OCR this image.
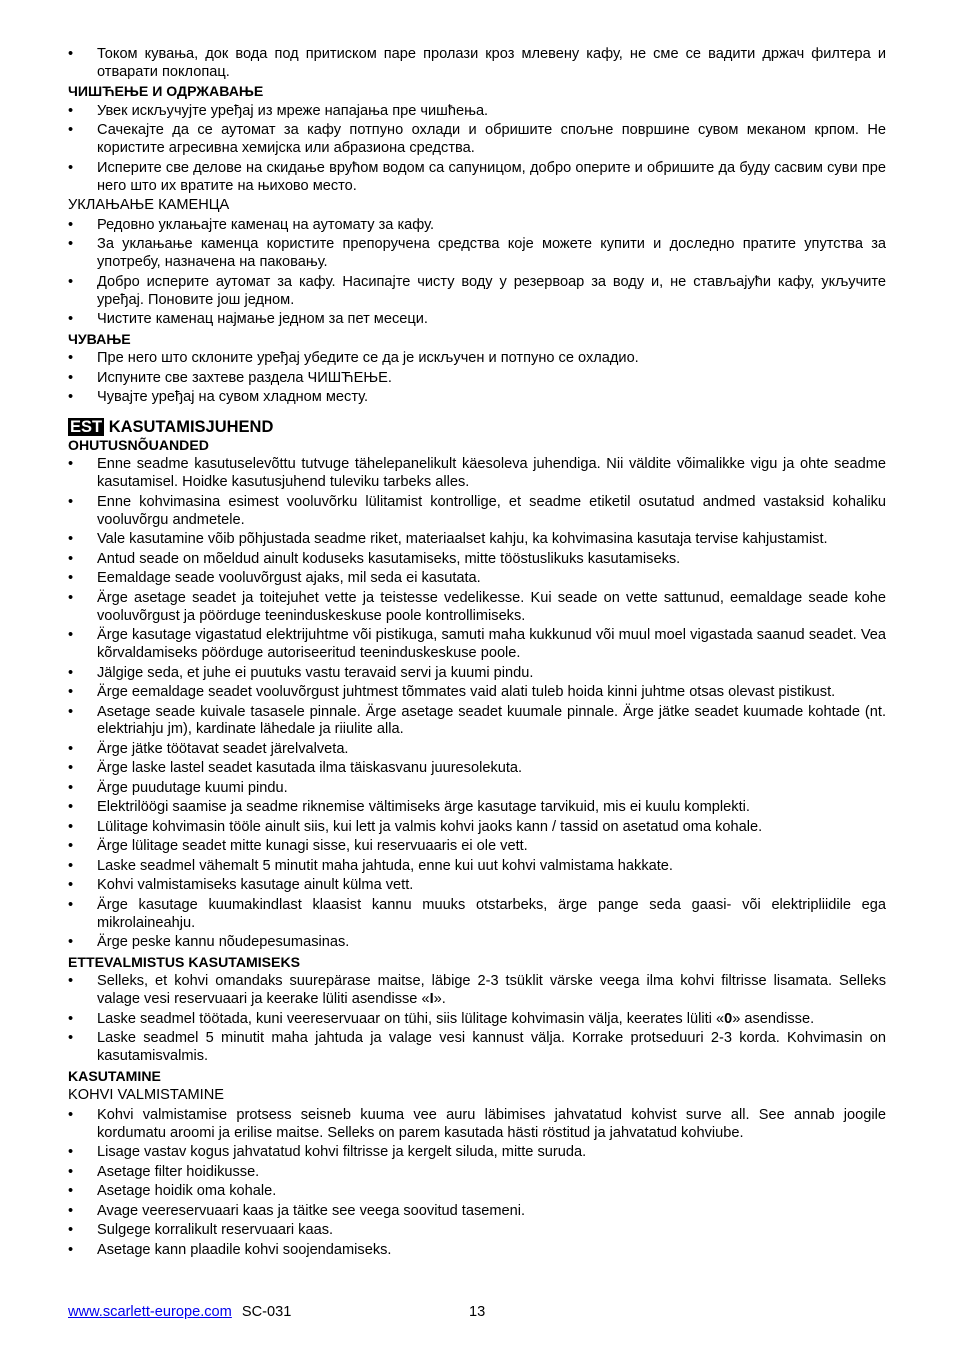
• Током кувања, док вода под притиском паре пролази кроз млевену кафу, не сме се вадити држач филтера и отварати поклопац.
ЧИШЋЕЊЕ И ОДРЖАВАЊЕ
• Увек искључујте уређај из мреже напајања пре чишћења.
• Сачекајте да се аутомат за кафу потпуно охлади и обришите спољне површине сувом меканом крпом. Не користите агресивна хемијска или абразиона средства.
• Исперите све делове на скидање врућом водом са сапуницом, добро оперите и обришите да буду сасвим суви пре него што их вратите на њихово место.
УКЛАЊАЊЕ КАМЕНЦА
• Редовно уклањајте каменац на аутомату за кафу.
• За уклањање каменца користите препоручена средства које можете купити и доследно пратите упутства за употребу, назначена на паковању.
• Добро исперите аутомат за кафу. Насипајте чисту воду у резервоар за воду и, не стављајући кафу, укључите уређај. Поновите још једном.
• Чистите каменац најмање једном за пет месеци.
ЧУВАЊЕ
• Пре него што склоните уређај убедите се да је искључен и потпуно се охладио.
• Испуните све захтеве раздела ЧИШЋЕЊЕ.
• Чувајте уређај на сувом хладном месту.
EST KASUTAMISJUHEND
OHUTUSNÕUANDED
• Enne seadme kasutuselevõttu tutvuge tähelepanelikult käesoleva juhendiga. Nii väldite võimalikke vigu ja ohte seadme kasutamisel. Hoidke kasutusjuhend tuleviku tarbeks alles.
• Enne kohvimasina esimest vooluvõrku lülitamist kontrollige, et seadme etiketil osutatud andmed vastaksid kohaliku vooluvõrgu andmetele.
• Vale kasutamine võib põhjustada seadme riket, materiaalset kahju, ka kohvimasina kasutaja tervise kahjustamist.
• Antud seade on mõeldud ainult koduseks kasutamiseks, mitte tööstuslikuks kasutamiseks.
• Eemaldage seade vooluvõrgust ajaks, mil seda ei kasutata.
• Ärge asetage seadet ja toitejuhet vette ja teistesse vedelikesse. Kui seade on vette sattunud, eemaldage seade kohe vooluvõrgust ja pöörduge teeninduskeskuse poole kontrollimiseks.
• Ärge kasutage vigastatud elektrijuhtme või pistikuga, samuti maha kukkunud või muul moel vigastada saanud seadet. Vea kõrvaldamiseks pöörduge autoriseeritud teeninduskeskuse poole.
• Jälgige seda, et juhe ei puutuks vastu teravaid servi ja kuumi pindu.
• Ärge eemaldage seadet vooluvõrgust juhtmest tõmmates vaid alati tuleb hoida kinni juhtme otsas olevast pistikust.
• Asetage seade kuivale tasasele pinnale. Ärge asetage seadet kuumale pinnale. Ärge jätke seadet kuumade kohtade (nt. elektriahju jm), kardinate lähedale ja riiulite alla.
• Ärge jätke töötavat seadet järelvalveta.
• Ärge laske lastel seadet kasutada ilma täiskasvanu juuresolekuta.
• Ärge puudutage kuumi pindu.
• Elektrilöögi saamise ja seadme riknemise vältimiseks ärge kasutage tarvikuid, mis ei kuulu komplekti.
• Lülitage kohvimasin tööle ainult siis, kui lett ja valmis kohvi jaoks kann / tassid on asetatud oma kohale.
• Ärge lülitage seadet mitte kunagi sisse, kui reservuaaris ei ole vett.
• Laske seadmel vähemalt 5 minutit maha jahtuda, enne kui uut kohvi valmistama hakkate.
• Kohvi valmistamiseks kasutage ainult külma vett.
• Ärge kasutage kuumakindlast klaasist kannu muuks otstarbeks, ärge pange seda gaasi- või elektripliidile ega mikrolaineahju.
• Ärge peske kannu nõudepesumasinas.
ETTEVALMISTUS KASUTAMISEKS
• Selleks, et kohvi omandaks suurepärase maitse, läbige 2-3 tsüklit värske veega ilma kohvi filtrisse lisamata. Selleks valage vesi reservuaari ja keerake lüliti asendisse «I».
• Laske seadmel töötada, kuni veereservuaar on tühi, siis lülitage kohvimasin välja, keerates lüliti «0» asendisse.
• Laske seadmel 5 minutit maha jahtuda ja valage vesi kannust välja. Korrake protseduuri 2-3 korda. Kohvimasin on kasutamisvalmis.
KASUTAMINE
KOHVI VALMISTAMINE
• Kohvi valmistamise protsess seisneb kuuma vee auru läbimises jahvatatud kohvist surve all. See annab joogile kordumatu aroomi ja erilise maitse. Selleks on parem kasutada hästi röstitud ja jahvatatud kohviube.
• Lisage vastav kogus jahvatatud kohvi filtrisse ja kergelt siluda, mitte suruda.
• Asetage filter hoidikusse.
• Asetage hoidik oma kohale.
• Avage veereservuaari kaas ja täitke see veega soovitud tasemeni.
• Sulgege korralikult reservuaari kaas.
• Asetage kann plaadile kohvi soojendamiseks.
www.scarlett-europe.com SC-031	13
